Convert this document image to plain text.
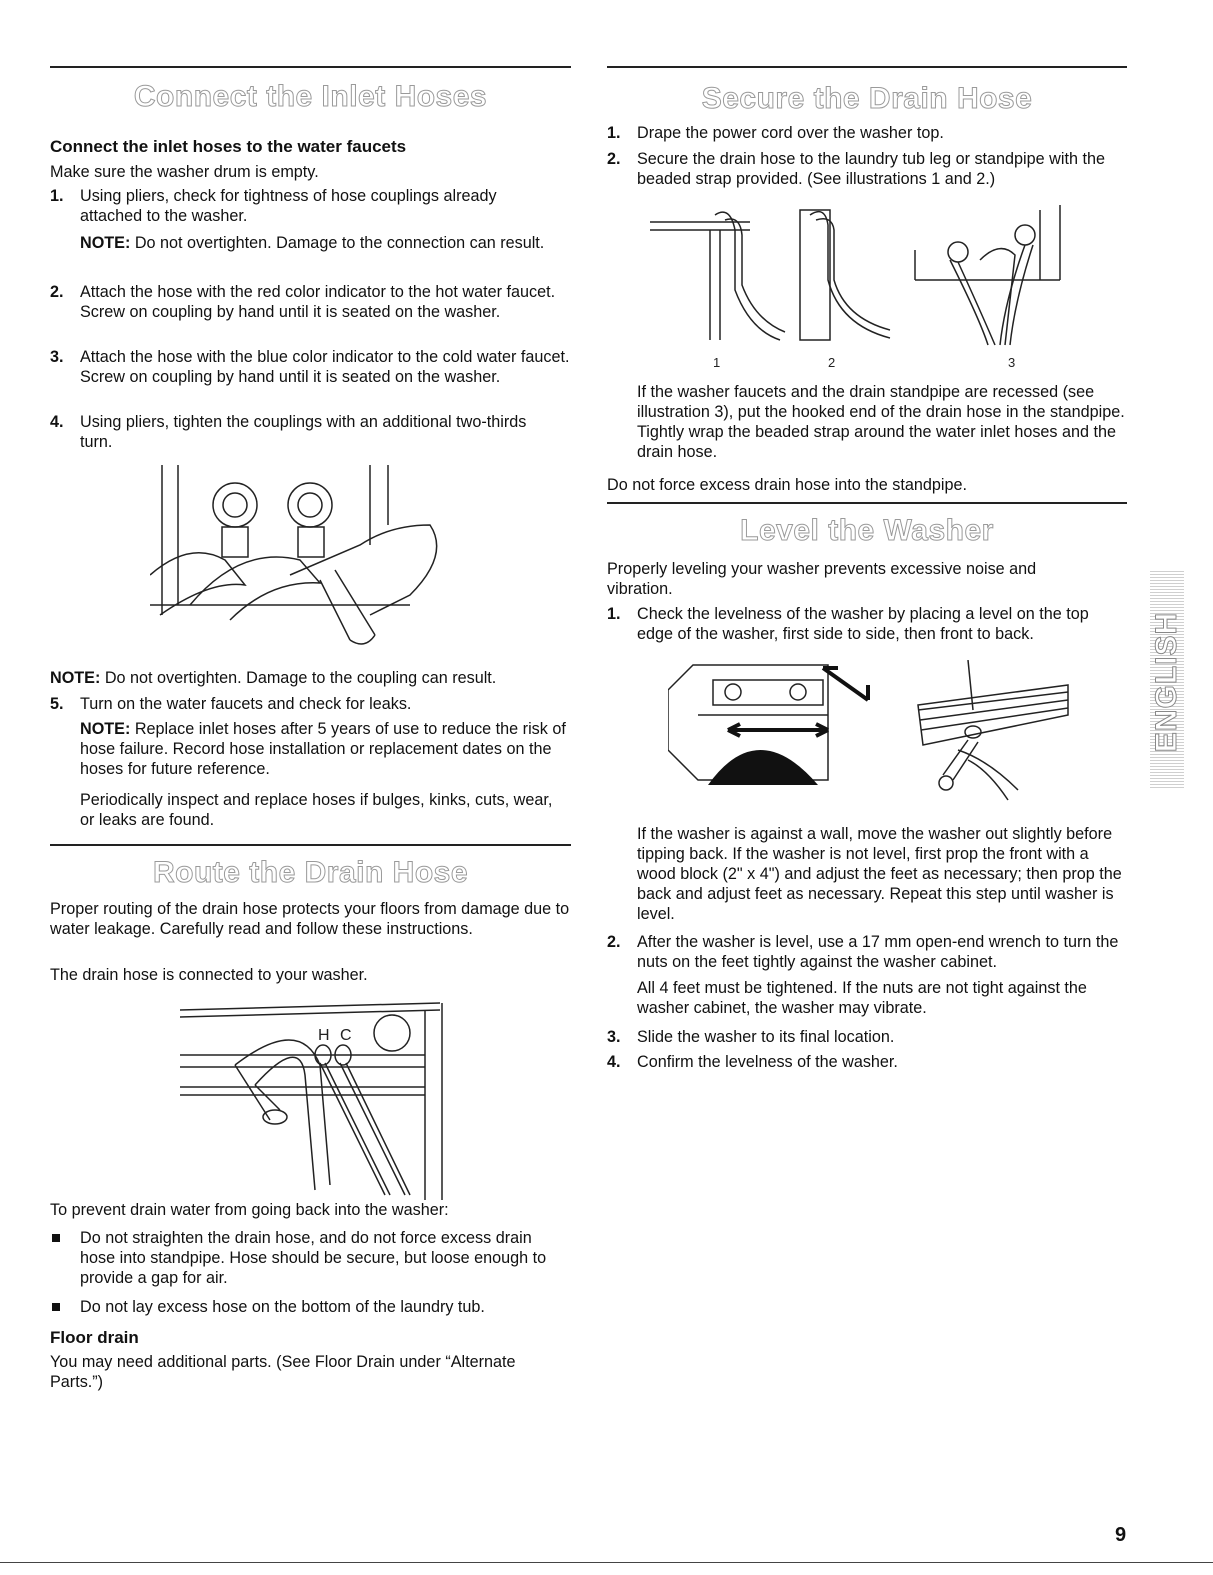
Connect the Inlet Hoses
Connect the inlet hoses to the water faucets

Make sure the washer drum is empty.

1. Using pliers, check for tightness of hose couplings already attached to the washer.

NOTE: Do not overtighten. Damage to the connection can result.

2. Attach the hose with the red color indicator to the hot water faucet. Screw on coupling by hand until it is seated on the washer.

3. Attach the hose with the blue color indicator to the cold water faucet. Screw on coupling by hand until it is seated on the washer.

4. Using pliers, tighten the couplings with an additional two-thirds turn.

NOTE: Do not overtighten. Damage to the coupling can result.

5. Turn on the water faucets and check for leaks.

NOTE: Replace inlet hoses after 5 years of use to reduce the risk of hose failure. Record hose installation or replacement dates on the hoses for future reference.

Periodically inspect and replace hoses if bulges, kinks, cuts, wear, or leaks are found.

Route the Drain Hose

Proper routing of the drain hose protects your floors from damage due to water leakage. Carefully read and follow these instructions.

The drain hose is connected to your washer.

H C

To prevent drain water from going back into the washer:

Do not straighten the drain hose, and do not force excess drain hose into standpipe. Hose should be secure, but loose enough to provide a gap for air.

Do not lay excess hose on the bottom of the laundry tub.

Floor drain

You may need additional parts. (See Floor Drain under “Alternate Parts.”)

Secure the Drain Hose
1. Drape the power cord over the washer top.

2. Secure the drain hose to the laundry tub leg or standpipe with the beaded strap provided. (See illustrations 1 and 2.)

1	2	3

If the washer faucets and the drain standpipe are recessed (see illustration 3), put the hooked end of the drain hose in the standpipe. Tightly wrap the beaded strap around the water inlet hoses and the drain hose.

Do not force excess drain hose into the standpipe.

Level the Washer

Properly leveling your washer prevents excessive noise and vibration.

1. Check the levelness of the washer by placing a level on the top edge of the washer, first side to side, then front to back.

If the washer is against a wall, move the washer out slightly before tipping back. If the washer is not level, first prop the front with a wood block (2" x 4") and adjust the feet as necessary; then prop the back and adjust feet as necessary. Repeat this step until washer is level.

2. After the washer is level, use a 17 mm open-end wrench to turn the nuts on the feet tightly against the washer cabinet.

All 4 feet must be tightened. If the nuts are not tight against the washer cabinet, the washer may vibrate.

3. Slide the washer to its final location.

4. Confirm the levelness of the washer.

ENGLISH
9
